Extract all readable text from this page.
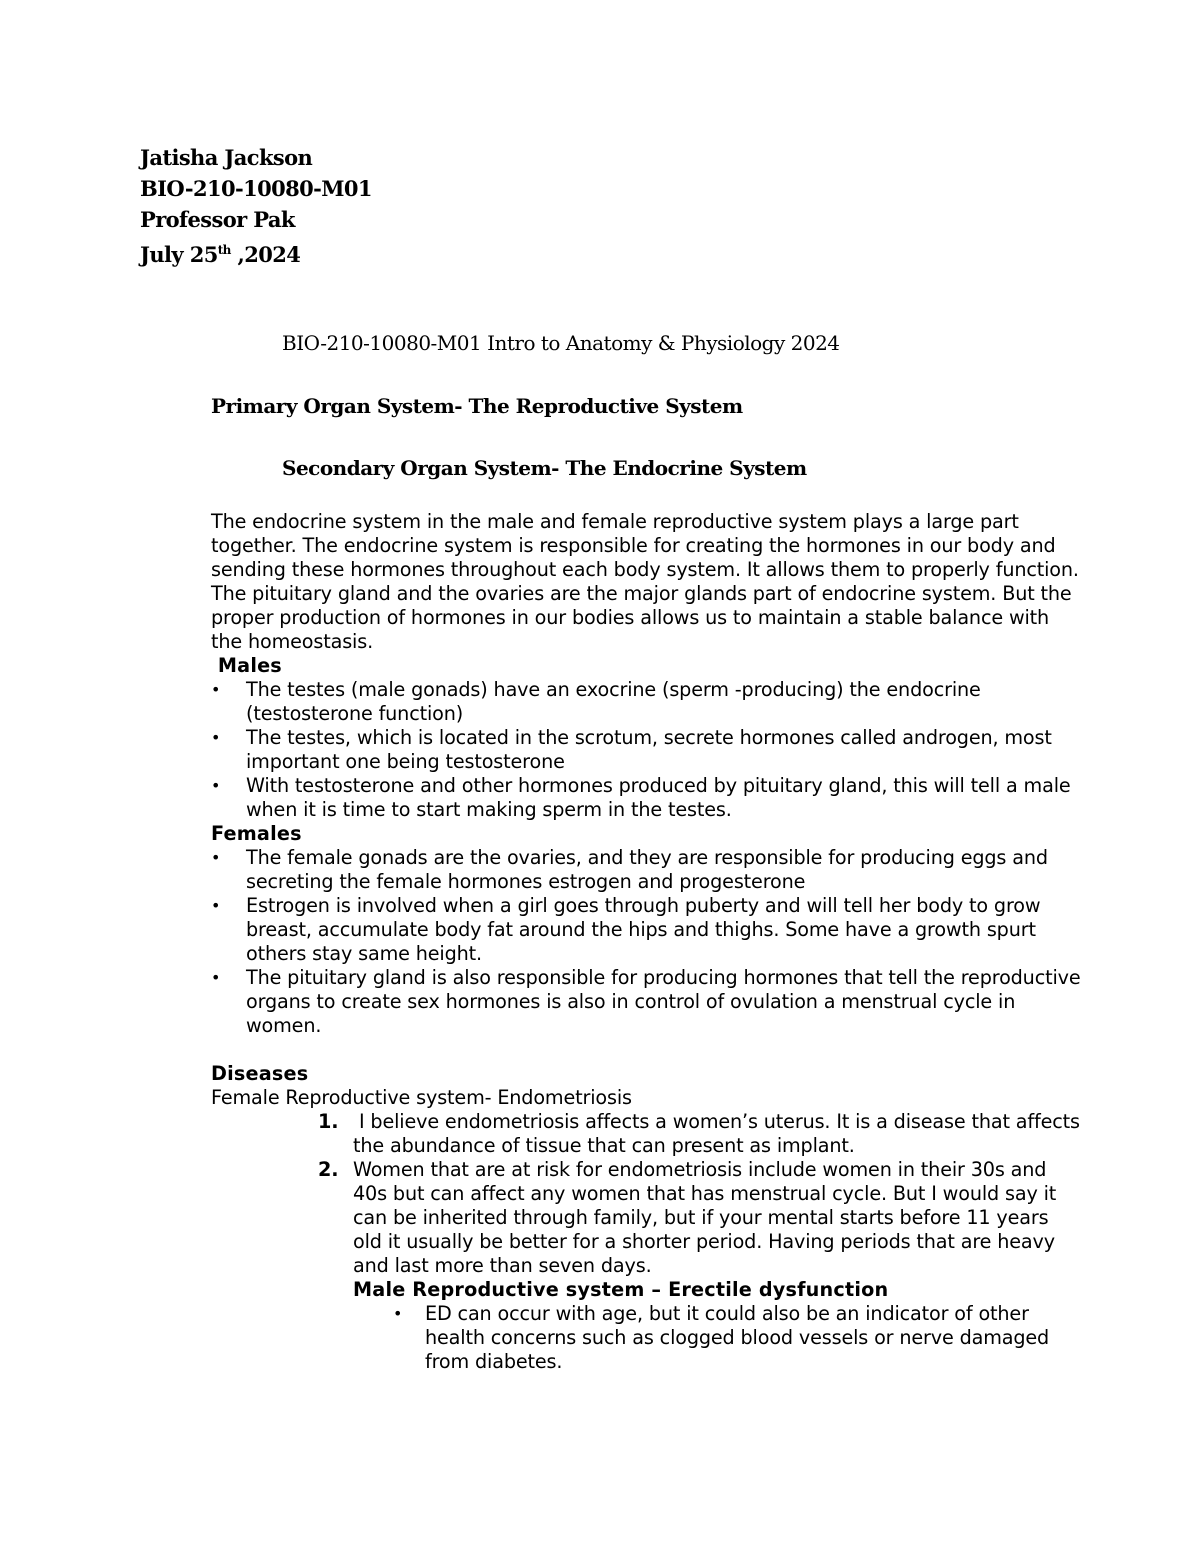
Jatisha Jackson
BIO-210-10080-M01
Professor Pak
July 25th ,2024
BIO-210-10080-M01 Intro to Anatomy & Physiology 2024
Primary Organ System- The Reproductive System
Secondary Organ System- The Endocrine System

The endocrine system in the male and female reproductive system plays a large part together. The endocrine system is responsible for creating the hormones in our body and sending these hormones throughout each body system. It allows them to properly function. The pituitary gland and the ovaries are the major glands part of endocrine system. But the proper production of hormones in our bodies allows us to maintain a stable balance with the homeostasis.

Males
• The testes (male gonads) have an exocrine (sperm -producing) the endocrine (testosterone function)
• The testes, which is located in the scrotum, secrete hormones called androgen, most important one being testosterone
• With testosterone and other hormones produced by pituitary gland, this will tell a male when it is time to start making sperm in the testes.
Females
• The female gonads are the ovaries, and they are responsible for producing eggs and secreting the female hormones estrogen and progesterone
• Estrogen is involved when a girl goes through puberty and will tell her body to grow breast, accumulate body fat around the hips and thighs. Some have a growth spurt others stay same height.
• The pituitary gland is also responsible for producing hormones that tell the reproductive organs to create sex hormones is also in control of ovulation a menstrual cycle in women.
Diseases
Female Reproductive system- Endometriosis
1. I believe endometriosis affects a women’s uterus. It is a disease that affects the abundance of tissue that can present as implant.
2. Women that are at risk for endometriosis include women in their 30s and 40s but can affect any women that has menstrual cycle. But I would say it can be inherited through family, but if your mental starts before 11 years old it usually be better for a shorter period. Having periods that are heavy and last more than seven days.
Male Reproductive system – Erectile dysfunction
• ED can occur with age, but it could also be an indicator of other health concerns such as clogged blood vessels or nerve damaged from diabetes.
